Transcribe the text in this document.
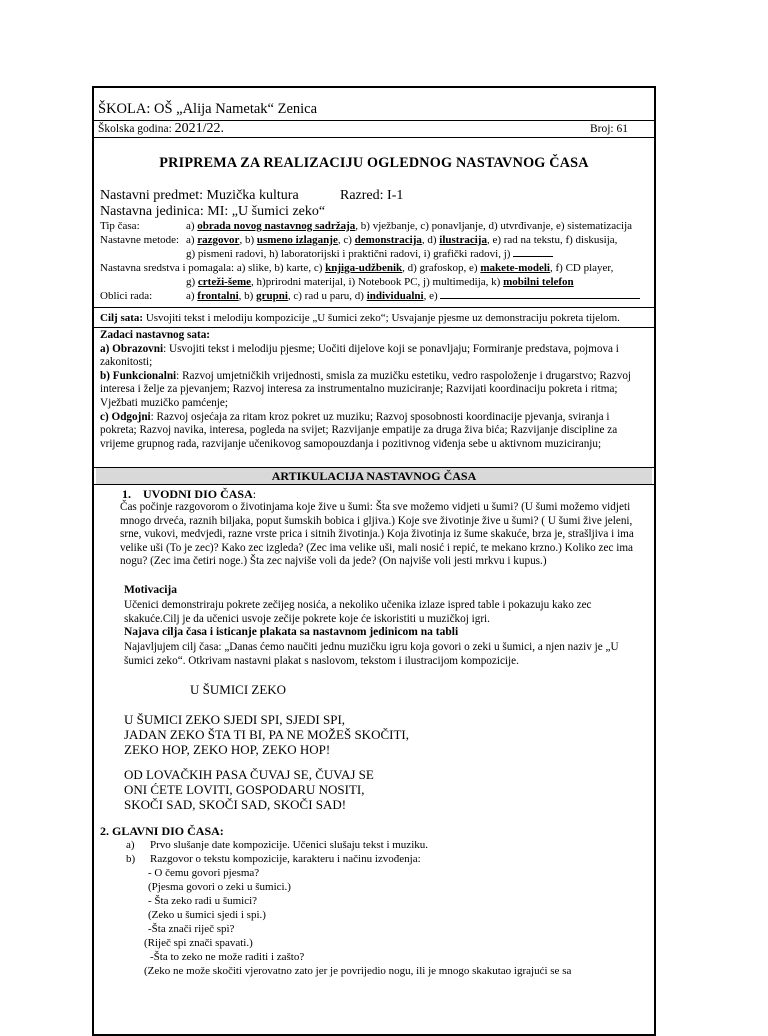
ŠKOLA: OŠ „Alija Nametak“ Zenica
Školska godina: 2021/22.	Broj: 61
PRIPREMA ZA REALIZACIJU OGLEDNOG NASTAVNOG ČASA
Nastavni predmet: Muzička kultura	Razred: I-1
Nastavna jedinica: MI: „U šumici zeko“
Tip časa:	a) obrada novog nastavnog sadržaja, b) vježbanje, c) ponavljanje, d) utvrđivanje, e) sistematizacija
Nastavne metode: a) razgovor, b) usmeno izlaganje, c) demonstracija, d) ilustracija, e) rad na tekstu, f) diskusija,
g) pismeni radovi, h) laboratorijski i praktični radovi, i) grafički radovi, j)
Nastavna sredstva i pomagala: a) slike, b) karte, c) knjiga-udžbenik, d) grafoskop, e) makete-modeli, f) CD player,
g) crteži-šeme, h)prirodni materijal, i) Notebook PC, j) multimedija, k) mobilni telefon
Oblici rada:	a) frontalni, b) grupni, c) rad u paru, d) individualni, e)
Cilj sata: Usvojiti tekst i melodiju kompozicije „U šumici zeko“; Usvajanje pjesme uz demonstraciju pokreta tijelom.
Zadaci nastavnog sata:
a) Obrazovni: Usvojiti tekst i melodiju pjesme; Uočiti dijelove koji se ponavljaju; Formiranje predstava, pojmova i zakonitosti;
b) Funkcionalni: Razvoj umjetničkih vrijednosti, smisla za muzičku estetiku, vedro raspoloženje i drugarstvo; Razvoj interesa i želje za pjevanjem; Razvoj interesa za instrumentalno muziciranje; Razvijati koordinaciju pokreta i ritma; Vježbati muzičko pamćenje;
c) Odgojni: Razvoj osjećaja za ritam kroz pokret uz muziku; Razvoj sposobnosti koordinacije pjevanja, sviranja i pokreta; Razvoj navika, interesa, pogleda na svijet; Razvijanje empatije za druga živa bića; Razvijanje discipline za vrijeme grupnog rada, razvijanje učenikovog samopouzdanja i pozitivnog viđenja sebe u aktivnom muziciranju;
ARTIKULACIJA NASTAVNOG ČASA
1. UVODNI DIO ČASA:
Čas počinje razgovorom o životinjama koje žive u šumi: Šta sve možemo vidjeti u šumi? (U šumi možemo vidjeti mnogo drveća, raznih biljaka, poput šumskih bobica i gljiva.) Koje sve životinje žive u šumi? ( U šumi žive jeleni, srne, vukovi, medvjedi, razne vrste prica i sitnih životinja.) Koja životinja iz šume skakuće, brza je, strašljiva i ima velike uši (To je zec)? Kako zec izgleda? (Zec ima velike uši, mali nosić i repić, te mekano krzno.) Koliko zec ima nogu? (Zec ima četiri noge.) Šta zec najviše voli da jede? (On najviše voli jesti mrkvu i kupus.)
Motivacija
Učenici demonstriraju pokrete zečijeg nosića, a nekoliko učenika izlaze ispred table i pokazuju kako zec skakuće.Cilj je da učenici usvoje zečije pokrete koje će iskoristiti u muzičkoj igri.
Najava cilja časa i isticanje plakata sa nastavnom jedinicom na tabli
Najavljujem cilj časa: „Danas ćemo naučiti jednu muzičku igru koja govori o zeki u šumici, a njen naziv je „U šumici zeko“. Otkrivam nastavni plakat s naslovom, tekstom i ilustracijom kompozicije.
U ŠUMICI ZEKO
U ŠUMICI ZEKO SJEDI SPI, SJEDI SPI,
JADAN ZEKO ŠTA TI BI, PA NE MOŽEŠ SKOČITI,
ZEKO HOP, ZEKO HOP, ZEKO HOP!
OD LOVAČKIH PASA ČUVAJ SE, ČUVAJ SE
ONI ĆETE LOVITI, GOSPODARU NOSITI,
SKOČI SAD, SKOČI SAD, SKOČI SAD!
2. GLAVNI DIO ČASA:
a) Prvo slušanje date kompozicije. Učenici slušaju tekst i muziku.
b) Razgovor o tekstu kompozicije, karakteru i načinu izvođenja:
- O čemu govori pjesma?
(Pjesma govori o zeki u šumici.)
- Šta zeko radi u šumici?
(Zeko u šumici sjedi i spi.)
-Šta znači riječ spi?
(Riječ spi znači spavati.)
-Šta to zeko ne može raditi i zašto?
(Zeko ne može skočiti vjerovatno zato jer je povrijedio nogu, ili je mnogo skakutao igrajući se sa
